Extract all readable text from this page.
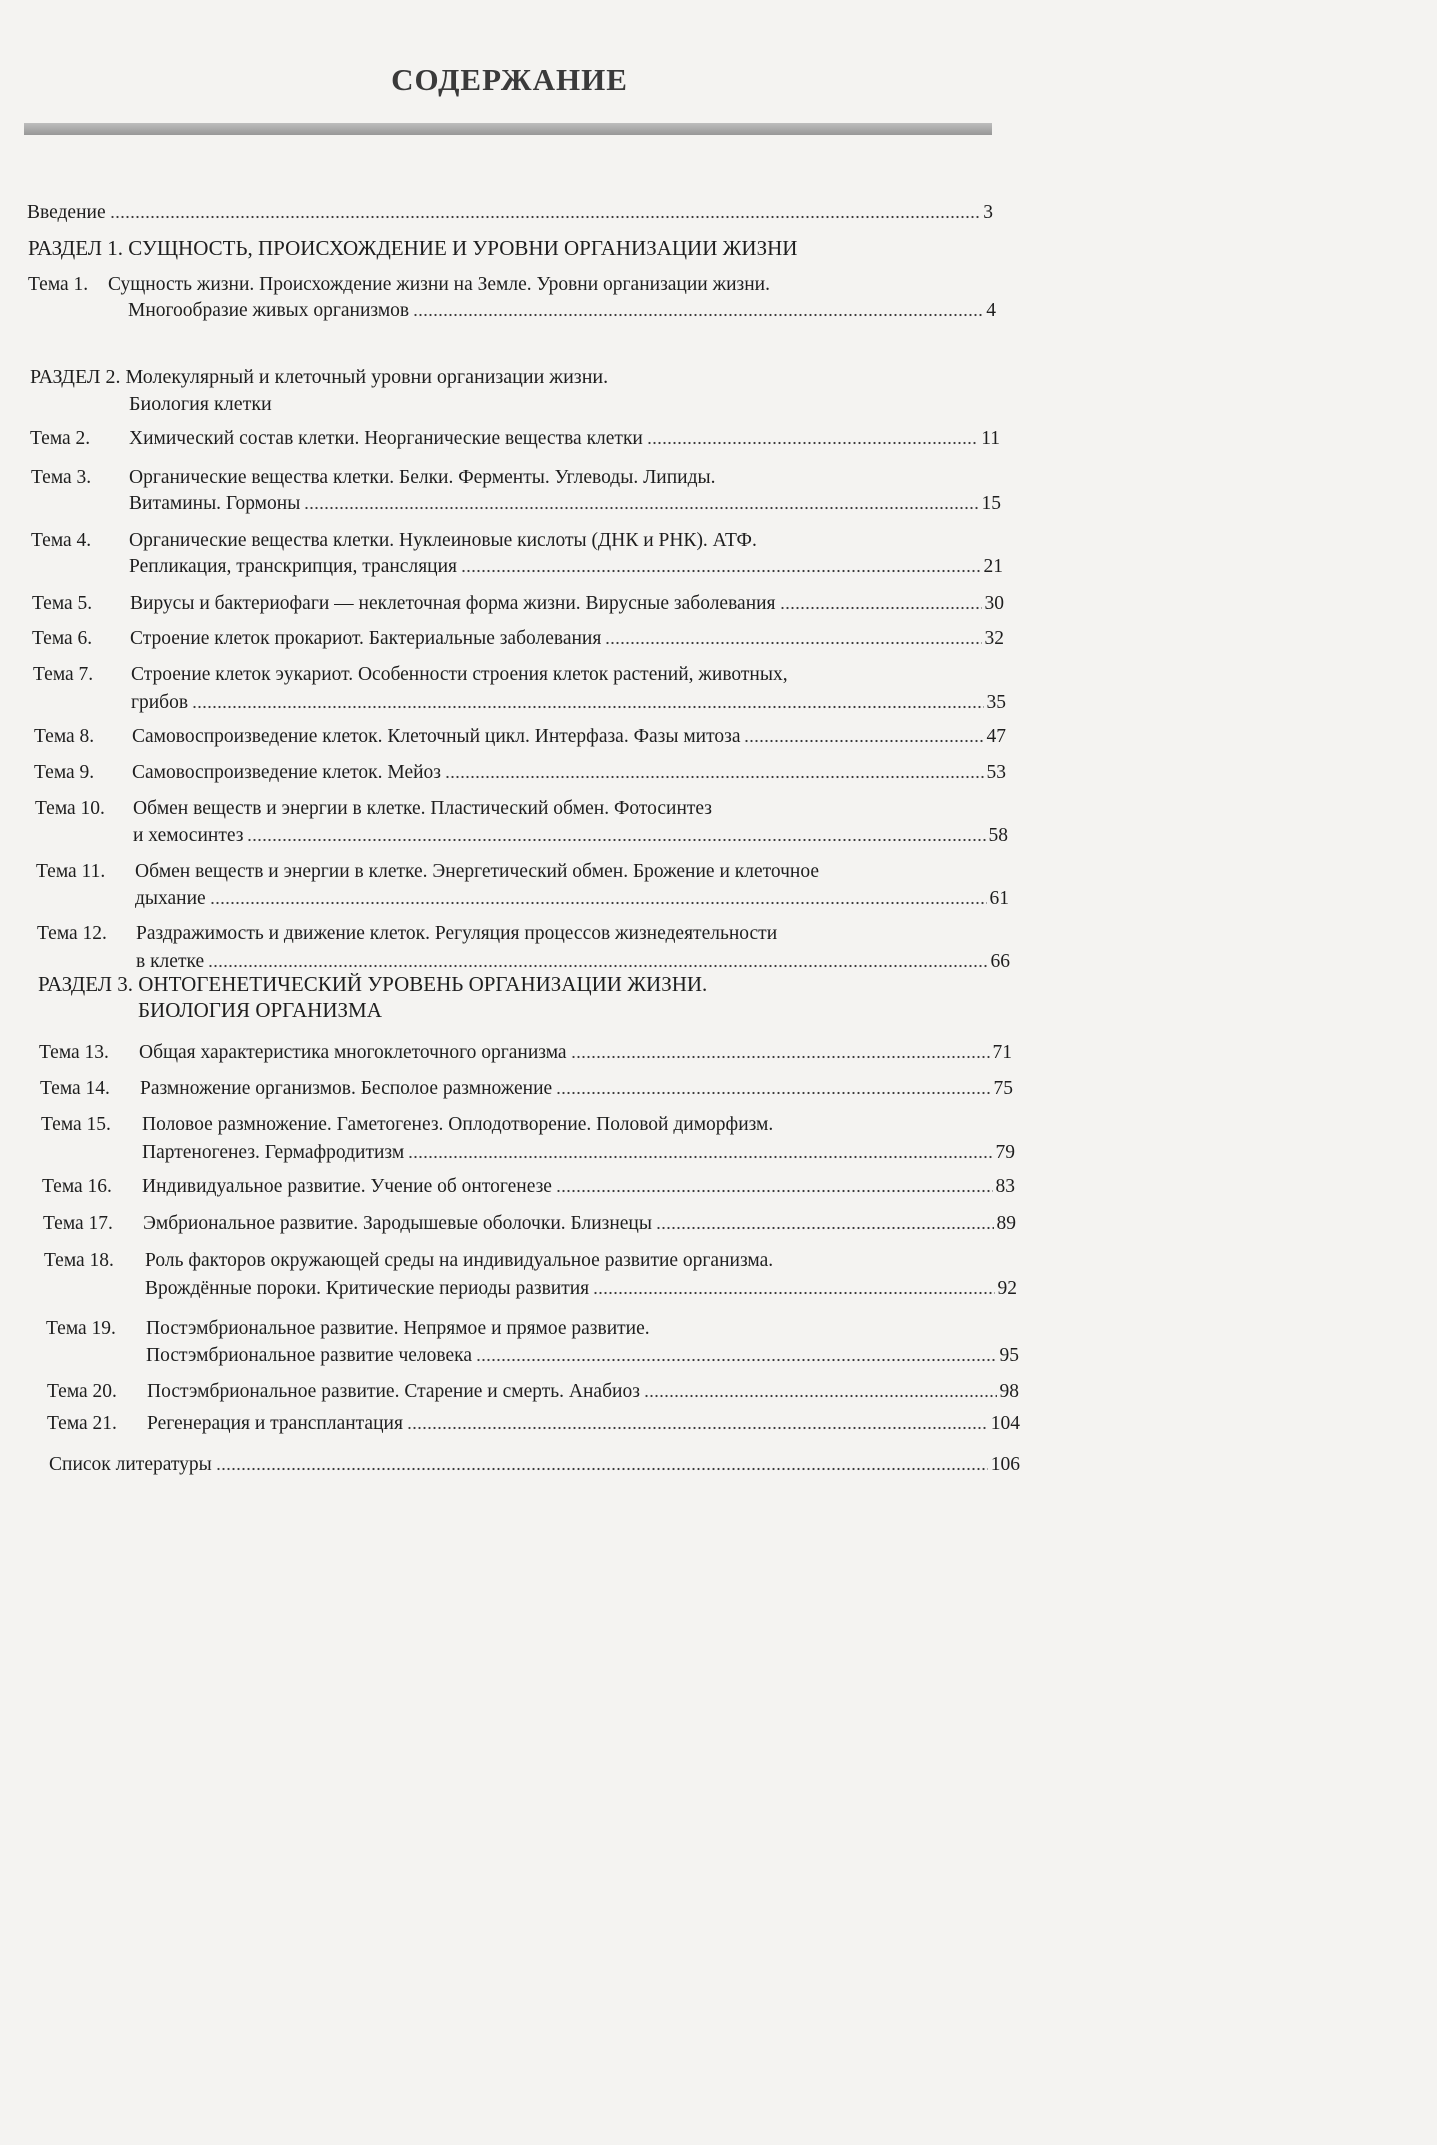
СОДЕРЖАНИЕ
Введение	3
РАЗДЕЛ 1. СУЩНОСТЬ, ПРОИСХОЖДЕНИЕ И УРОВНИ ОРГАНИЗАЦИИ ЖИЗНИ
Тема 1. Сущность жизни. Происхождение жизни на Земле. Уровни организации жизни.
Многообразие живых организмов	4
РАЗДЕЛ 2. Молекулярный и клеточный уровни организации жизни.
Биология клетки
Тема 2. Химический состав клетки. Неорганические вещества клетки	11
Тема 3. Органические вещества клетки. Белки. Ферменты. Углеводы. Липиды.
Витамины. Гормоны	15
Тема 4. Органические вещества клетки. Нуклеиновые кислоты (ДНК и РНК). АТФ.
Репликация, транскрипция, трансляция	21
Тема 5. Вирусы и бактериофаги — неклеточная форма жизни. Вирусные заболевания	30
Тема 6. Строение клеток прокариот. Бактериальные заболевания	32
Тема 7. Строение клеток эукариот. Особенности строения клеток растений, животных,
грибов	35
Тема 8. Самовоспроизведение клеток. Клеточный цикл. Интерфаза. Фазы митоза	47
Тема 9. Самовоспроизведение клеток. Мейоз	53
Тема 10. Обмен веществ и энергии в клетке. Пластический обмен. Фотосинтез
и хемосинтез	58
Тема 11. Обмен веществ и энергии в клетке. Энергетический обмен. Брожение и клеточное
дыхание	61
Тема 12. Раздражимость и движение клеток. Регуляция процессов жизнедеятельности
в клетке	66
РАЗДЕЛ 3. ОНТОГЕНЕТИЧЕСКИЙ УРОВЕНЬ ОРГАНИЗАЦИИ ЖИЗНИ.
БИОЛОГИЯ ОРГАНИЗМА
Тема 13. Общая характеристика многоклеточного организма	71
Тема 14. Размножение организмов. Бесполое размножение	75
Тема 15. Половое размножение. Гаметогенез. Оплодотворение. Половой диморфизм.
Партеногенез. Гермафродитизм	79
Тема 16. Индивидуальное развитие. Учение об онтогенезе	83
Тема 17. Эмбриональное развитие. Зародышевые оболочки. Близнецы	89
Тема 18. Роль факторов окружающей среды на индивидуальное развитие организма.
Врождённые пороки. Критические периоды развития	92
Тема 19. Постэмбриональное развитие. Непрямое и прямое развитие.
Постэмбриональное развитие человека	95
Тема 20. Постэмбриональное развитие. Старение и смерть. Анабиоз	98
Тема 21. Регенерация и трансплантация	104
Список литературы	106
